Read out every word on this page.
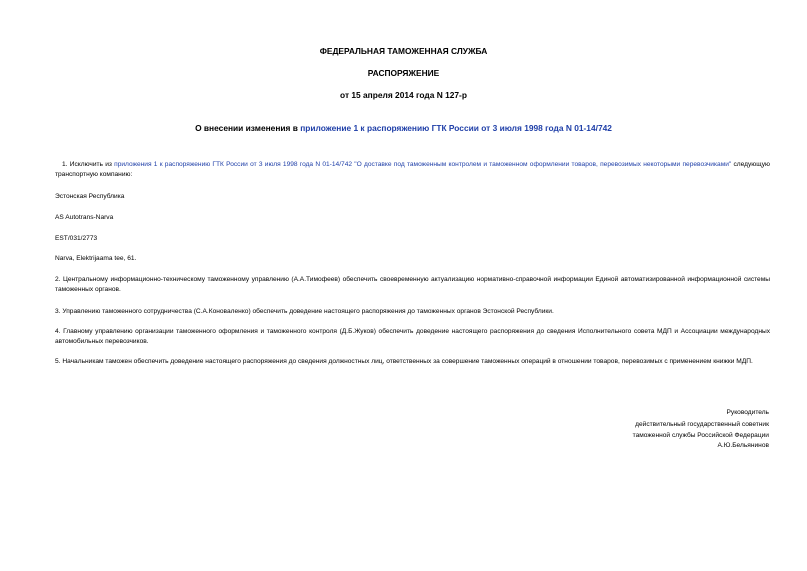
ФЕДЕРАЛЬНАЯ ТАМОЖЕННАЯ СЛУЖБА
РАСПОРЯЖЕНИЕ
от 15 апреля 2014 года N 127-р
О внесении изменения в приложение 1 к распоряжению ГТК России от 3 июля 1998 года N 01-14/742
1. Исключить из приложения 1 к распоряжению ГТК России от 3 июля 1998 года N 01-14/742 "О доставке под таможенным контролем и таможенном оформлении товаров, перевозимых некоторыми перевозчиками" следующую транспортную компанию:
Эстонская Республика
AS Autotrans-Narva
EST/031/2773
Narva, Elektrijaama tee, 61.
2. Центральному информационно-техническому таможенному управлению (А.А.Тимофеев) обеспечить своевременную актуализацию нормативно-справочной информации Единой автоматизированной информационной системы таможенных органов.
3. Управлению таможенного сотрудничества (С.А.Коноваленко) обеспечить доведение настоящего распоряжения до таможенных органов Эстонской Республики.
4. Главному управлению организации таможенного оформления и таможенного контроля (Д.Б.Жуков) обеспечить доведение настоящего распоряжения до сведения Исполнительного совета МДП и Ассоциации международных автомобильных перевозчиков.
5. Начальникам таможен обеспечить доведение настоящего распоряжения до сведения должностных лиц, ответственных за совершение таможенных операций в отношении товаров, перевозимых с применением книжки МДП.
Руководитель
действительный государственный советник
таможенной службы Российской Федерации
А.Ю.Бельянинов
